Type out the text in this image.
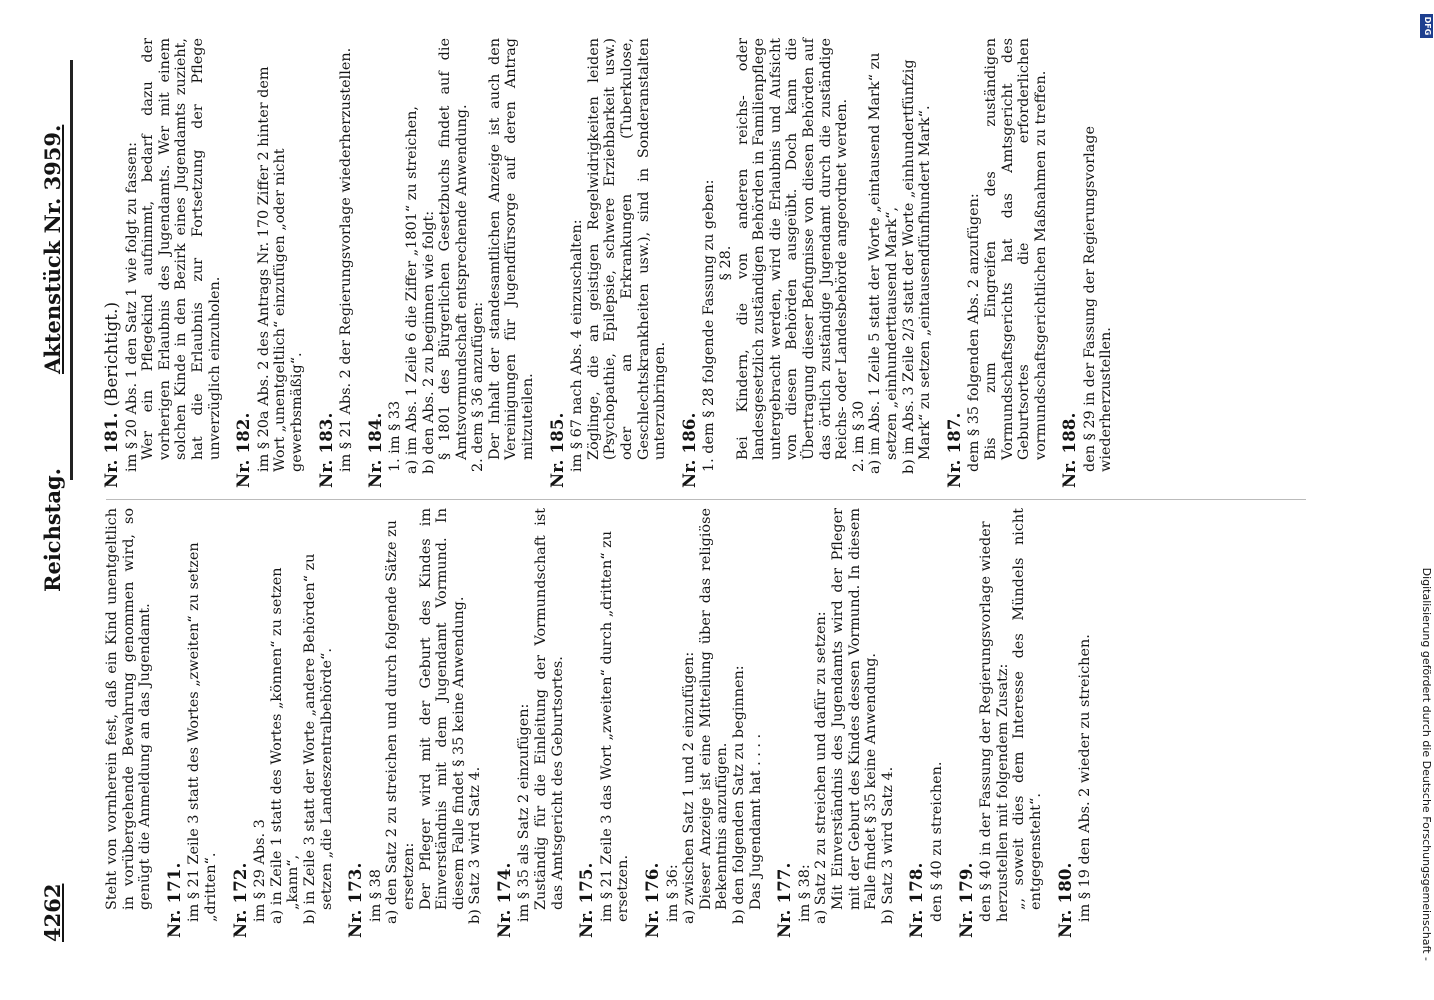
4262
Reichstag.
Aktenstück Nr. 3959.

Steht von vornherein fest, daß ein Kind unentgeltlich in vorübergehende Bewahrung genommen wird, so genügt die Anmeldung an das Jugendamt. Nr. 171. im § 21 Zeile 3 statt des Wortes „zweiten“ zu setzen „dritten“. Nr. 172. im § 29 Abs. 3 a) in Zeile 1 statt des Wortes „können“ zu setzen „kann“, b) in Zeile 3 statt der Worte „andere Behörden“ zu setzen „die Landeszentralbehörde“. Nr. 173. im § 38 a) den Satz 2 zu streichen und durch folgende Sätze zu ersetzen: Der Pfleger wird mit der Geburt des Kindes im Einverständnis mit dem Jugendamt Vormund. In diesem Falle findet § 35 keine Anwendung. b) Satz 3 wird Satz 4. Nr. 174. im § 35 als Satz 2 einzufügen: Zuständig für die Einleitung der Vormundschaft ist das Amtsgericht des Geburtsortes. Nr. 175. im § 21 Zeile 3 das Wort „zweiten“ durch „dritten“ zu ersetzen. Nr. 176. im § 36: a) zwischen Satz 1 und 2 einzufügen: Dieser Anzeige ist eine Mitteilung über das religiöse Bekenntnis anzufügen. b) den folgenden Satz zu beginnen: Das Jugendamt hat . . . . Nr. 177. im § 38: a) Satz 2 zu streichen und dafür zu setzen: Mit Einverständnis des Jugendamts wird der Pfleger mit der Geburt des Kindes dessen Vormund. In diesem Falle findet § 35 keine Anwendung. b) Satz 3 wird Satz 4. Nr. 178. den § 40 zu streichen. Nr. 179. den § 40 in der Fassung der Regierungsvorlage wieder herzustellen mit folgendem Zusatz: „, soweit dies dem Interesse des Mündels nicht entgegensteht“. Nr. 180. im § 19 den Abs. 2 wieder zu streichen.

Nr. 181. (Berichtigt.) im § 20 Abs. 1 den Satz 1 wie folgt zu fassen: Wer ein Pflegekind aufnimmt, bedarf dazu der vorherigen Erlaubnis des Jugendamts. Wer mit einem solchen Kinde in den Bezirk eines Jugendamts zuzieht, hat die Erlaubnis zur Fortsetzung der Pflege unverzüglich einzuholen. Nr. 182. im § 20a Abs. 2 des Antrags Nr. 170 Ziffer 2 hinter dem Wort „unentgeltlich“ einzufügen „oder nicht gewerbsmäßig“. Nr. 183. im § 21 Abs. 2 der Regierungsvorlage wiederherzustellen. Nr. 184. 1. im § 33 a) im Abs. 1 Zeile 6 die Ziffer „1801“ zu streichen, b) den Abs. 2 zu beginnen wie folgt: § 1801 des Bürgerlichen Gesetzbuchs findet auf die Amtsvormundschaft entsprechende Anwendung. 2. dem § 36 anzufügen: Der Inhalt der standesamtlichen Anzeige ist auch den Vereinigungen für Jugendfürsorge auf deren Antrag mitzuteilen. Nr. 185. im § 67 nach Abs. 4 einzuschalten: Zöglinge, die an geistigen Regelwidrigkeiten leiden (Psychopathie, Epilepsie, schwere Erziehbarkeit usw.) oder an Erkrankungen (Tuberkulose, Geschlechtskrankheiten usw.), sind in Sonderanstalten unterzubringen. Nr. 186. 1. dem § 28 folgende Fassung zu geben: § 28. Bei Kindern, die von anderen reichs- oder landesgesetzlich zuständigen Behörden in Familienpflege untergebracht werden, wird die Erlaubnis und Aufsicht von diesen Behörden ausgeübt. Doch kann die Übertragung dieser Befugnisse von diesen Behörden auf das örtlich zuständige Jugendamt durch die zuständige Reichs- oder Landesbehörde angeordnet werden. 2. im § 30 a) im Abs. 1 Zeile 5 statt der Worte „eintausend Mark“ zu setzen „einhunderttausend Mark“, b) im Abs. 3 Zeile 2/3 statt der Worte „einhundertfünfzig Mark“ zu setzen „eintausendfünfhundert Mark“. Nr. 187. dem § 35 folgenden Abs. 2 anzufügen: Bis zum Eingreifen des zuständigen Vormundschaftsgerichts hat das Amtsgericht des Geburtsortes die erforderlichen vormundschaftsgerichtlichen Maßnahmen zu treffen. Nr. 188. den § 29 in der Fassung der Regierungsvorlage wiederherzustellen.

Digitalisierung gefördert durch die Deutsche Forschungsgemeinschaft -
DFG
